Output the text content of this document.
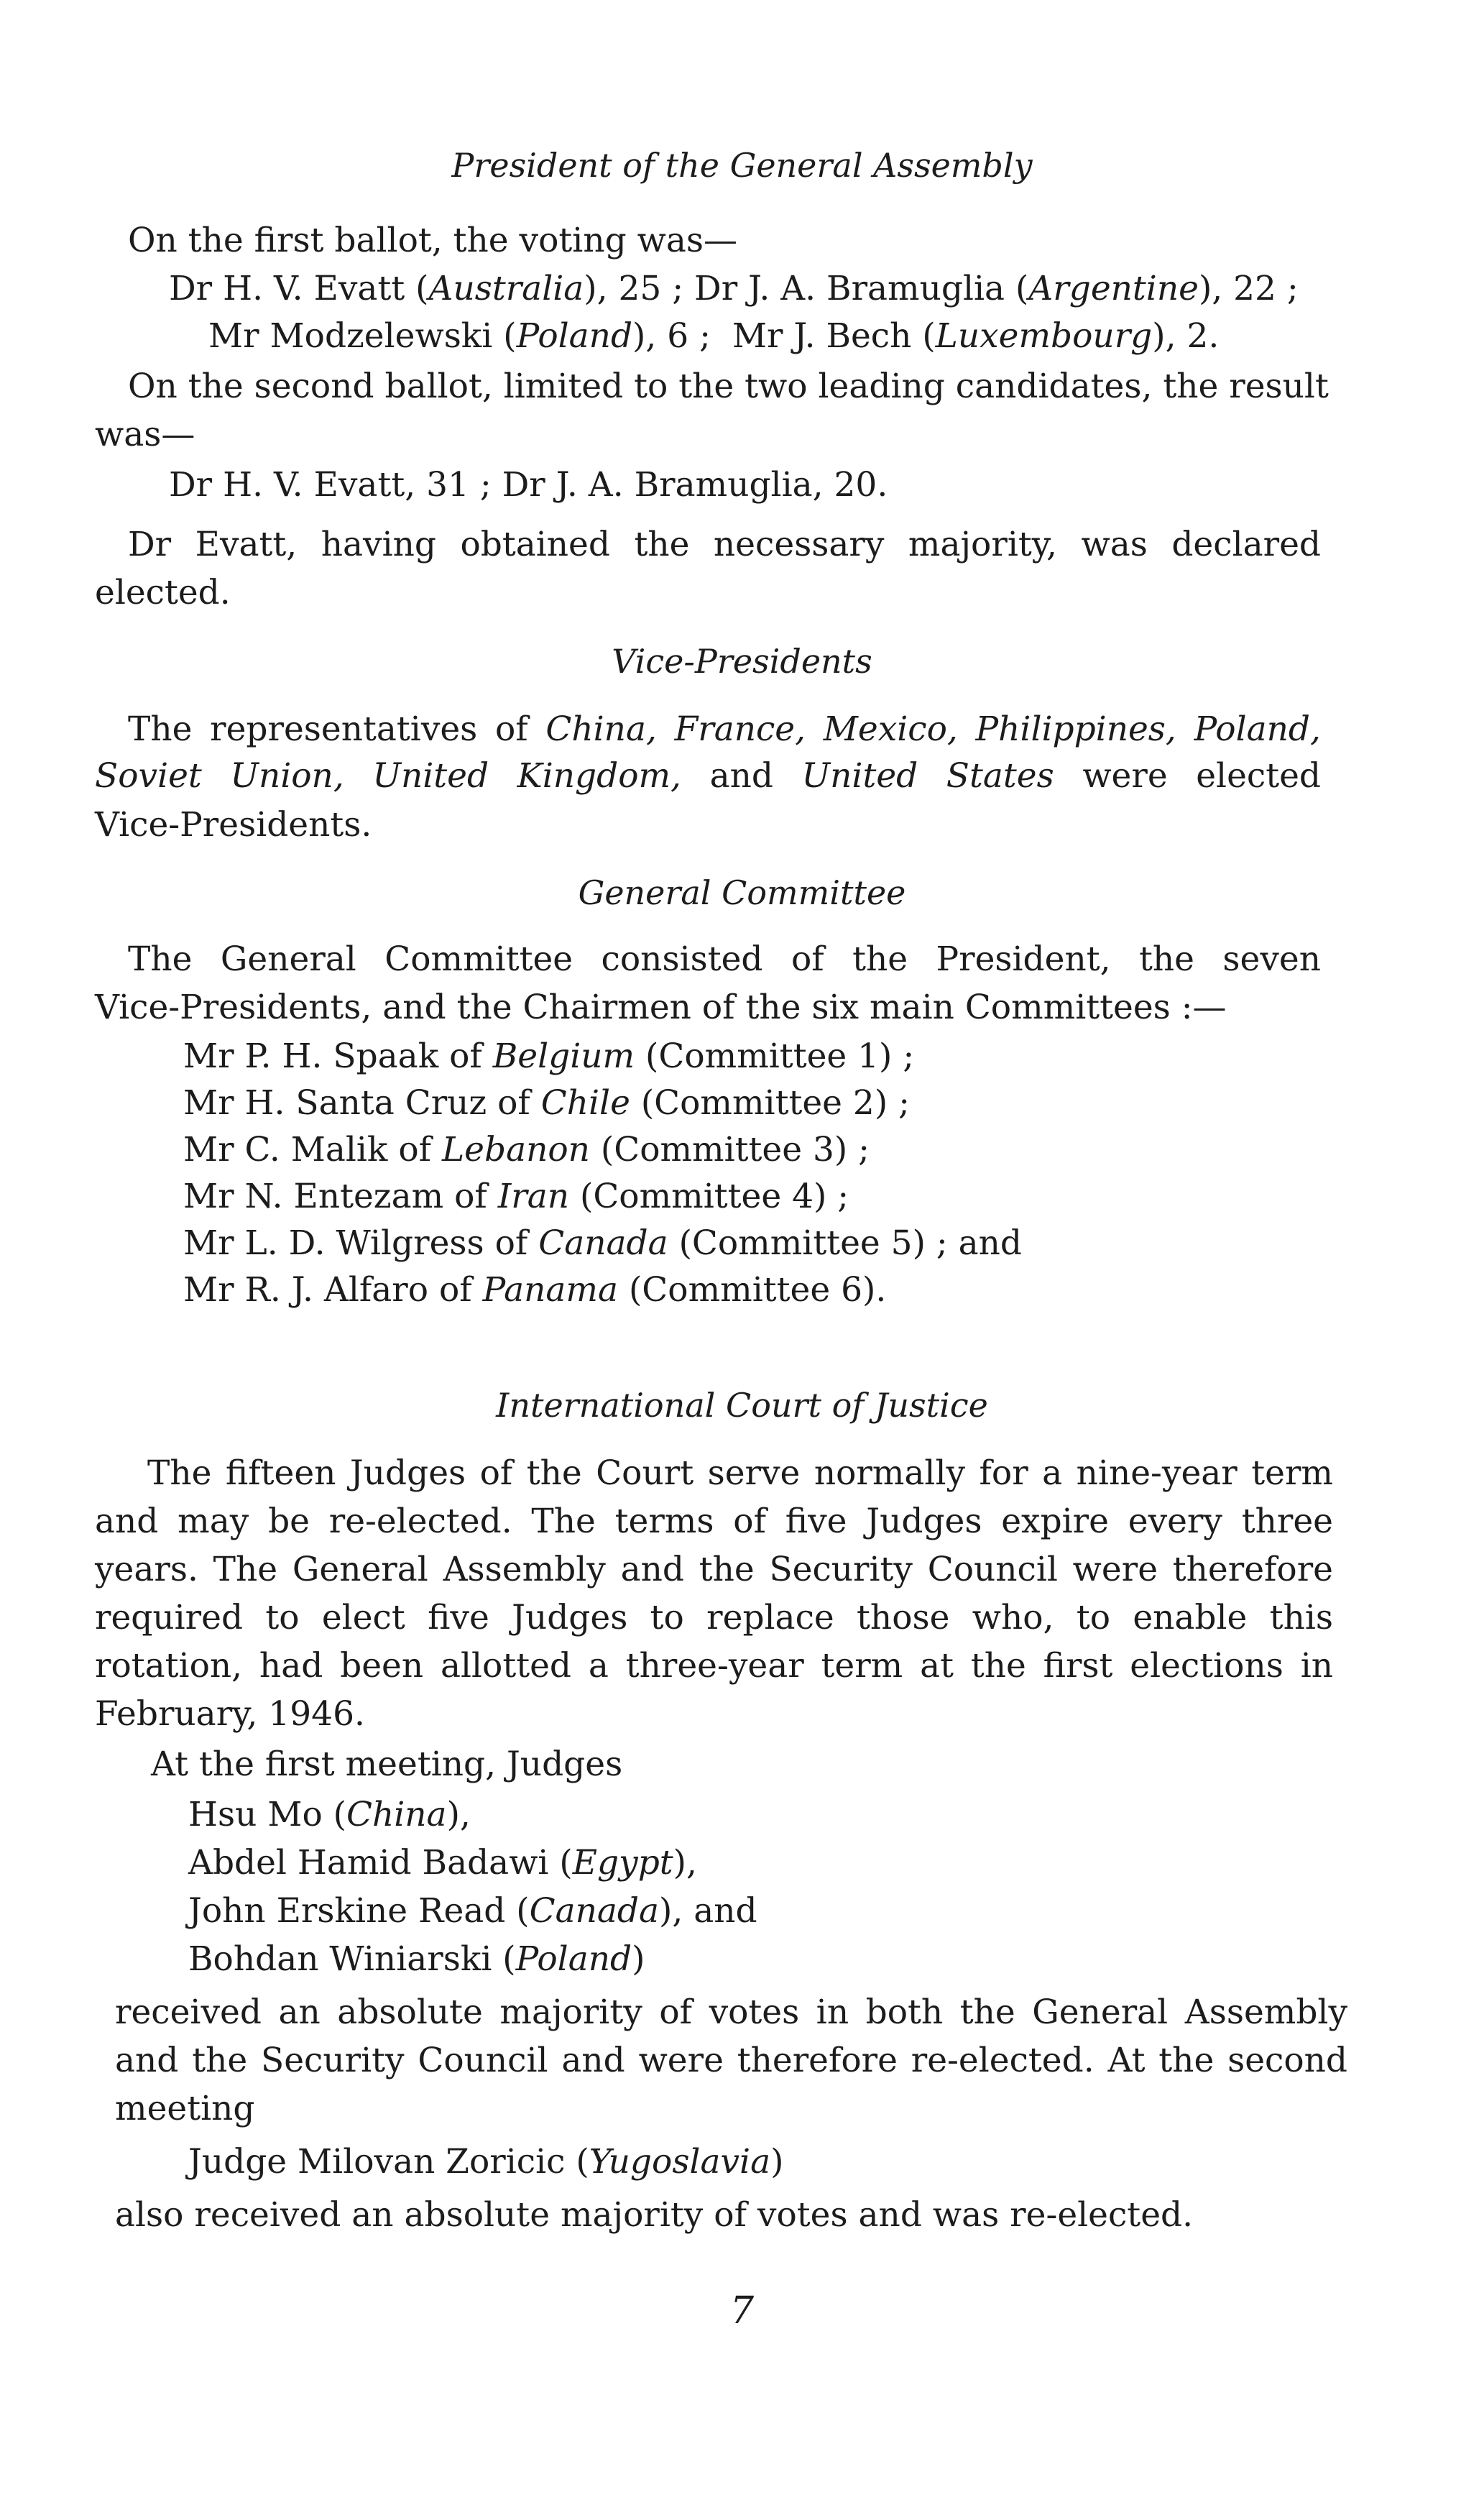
President of the General Assembly
On the first ballot, the voting was—
Dr H. V. Evatt (Australia), 25 ; Dr J. A. Bramuglia (Argentine), 22 ;
Mr Modzelewski (Poland), 6 ; Mr J. Bech (Luxembourg), 2.
On the second ballot, limited to the two leading candidates, the result
was—
Dr H. V. Evatt, 31 ; Dr J. A. Bramuglia, 20.
Dr Evatt, having obtained the necessary majority, was declared
elected.
Vice-Presidents
The representatives of China, France, Mexico, Philippines, Poland,
Soviet Union, United Kingdom, and United States were elected
Vice-Presidents.
General Committee
The General Committee consisted of the President, the seven
Vice-Presidents, and the Chairmen of the six main Committees :—
Mr P. H. Spaak of Belgium (Committee 1) ;
Mr H. Santa Cruz of Chile (Committee 2) ;
Mr C. Malik of Lebanon (Committee 3) ;
Mr N. Entezam of Iran (Committee 4) ;
Mr L. D. Wilgress of Canada (Committee 5) ; and
Mr R. J. Alfaro of Panama (Committee 6).
International Court of Justice
The fifteen Judges of the Court serve normally for a nine-year term
and may be re-elected. The terms of five Judges expire every three
years. The General Assembly and the Security Council were therefore
required to elect five Judges to replace those who, to enable this
rotation, had been allotted a three-year term at the first elections in
February, 1946.
At the first meeting, Judges
Hsu Mo (China),
Abdel Hamid Badawi (Egypt),
John Erskine Read (Canada), and
Bohdan Winiarski (Poland)
received an absolute majority of votes in both the General Assembly
and the Security Council and were therefore re-elected. At the second
meeting
Judge Milovan Zoricic (Yugoslavia)
also received an absolute majority of votes and was re-elected.
7
